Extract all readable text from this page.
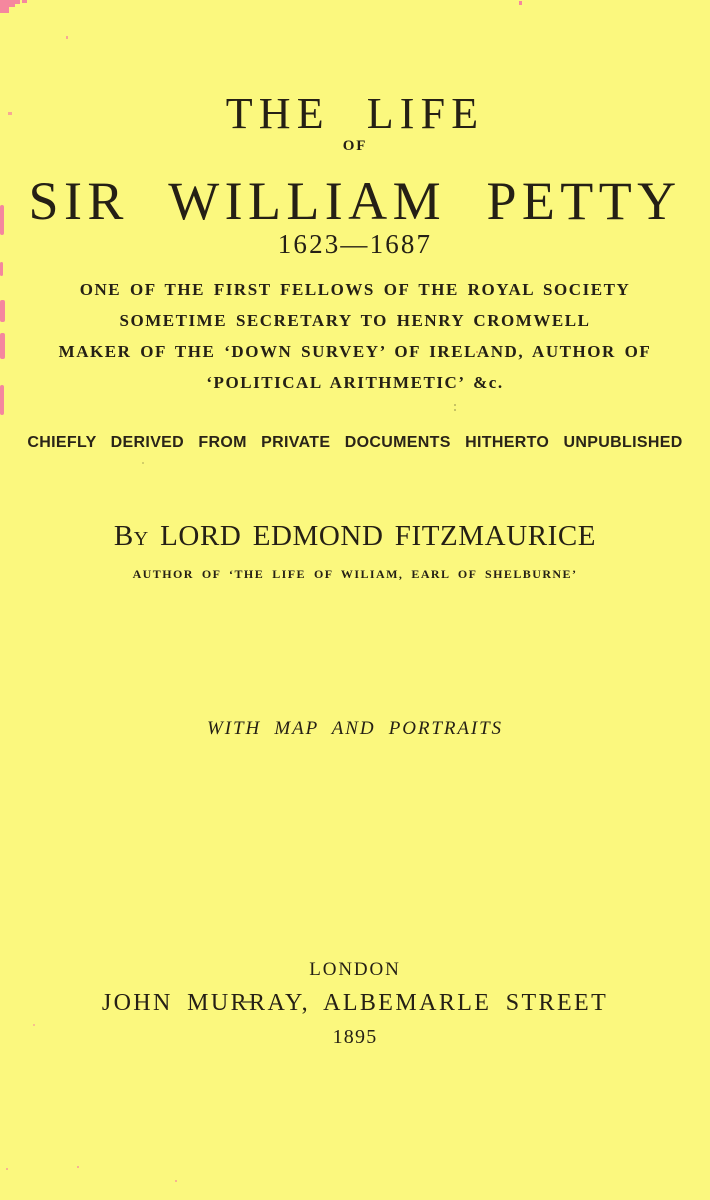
THE LIFE
OF
SIR WILLIAM PETTY
1623—1687
ONE OF THE FIRST FELLOWS OF THE ROYAL SOCIETY
SOMETIME SECRETARY TO HENRY CROMWELL
MAKER OF THE ‘DOWN SURVEY’ OF IRELAND, AUTHOR OF
‘POLITICAL ARITHMETIC’ &c.
CHIEFLY DERIVED FROM PRIVATE DOCUMENTS HITHERTO UNPUBLISHED
By LORD EDMOND FITZMAURICE
AUTHOR OF ‘THE LIFE OF WILIAM, EARL OF SHELBURNE’
WITH MAP AND PORTRAITS
LONDON
JOHN MURRAY, ALBEMARLE STREET
1895
